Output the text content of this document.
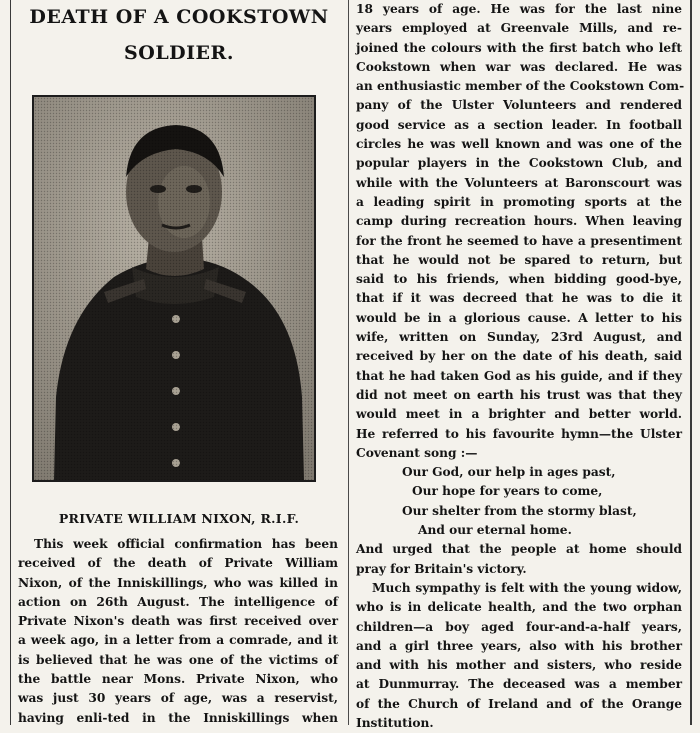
DEATH OF A COOKSTOWN
SOLDIER.
PRIVATE WILLIAM NIXON, R.I.F.
This week official confirmation has been
received of the death of Private William
Nixon, of the Inniskillings, who was killed in
action on 26th August. The intelligence of
Private Nixon's death was first received over
a week ago, in a letter from a comrade, and it
is believed that he was one of the victims of
the battle near Mons. Private Nixon, who
was just 30 years of age, was a reservist,
having enli-ted in the Inniskillings when
18 years of age. He was for the last nine
years employed at Greenvale Mills, and re-
joined the colours with the first batch who left
Cookstown when war was declared. He was
an enthusiastic member of the Cookstown Com-
pany of the Ulster Volunteers and rendered
good service as a section leader. In football
circles he was well known and was one of the
popular players in the Cookstown Club, and
while with the Volunteers at Baronscourt was
a leading spirit in promoting sports at the
camp during recreation hours. When leaving
for the front he seemed to have a presentiment
that he would not be spared to return, but
said to his friends, when bidding good-bye,
that if it was decreed that he was to die it
would be in a glorious cause. A letter to his
wife, written on Sunday, 23rd August, and
received by her on the date of his death, said
that he had taken God as his guide, and if they
did not meet on earth his trust was that they
would meet in a brighter and better world.
He referred to his favourite hymn—the Ulster
Covenant song :—
Our God, our help in ages past,
Our hope for years to come,
Our shelter from the stormy blast,
And our eternal home.
And urged that the people at home should
pray for Britain's victory.
Much sympathy is felt with the young widow,
who is in delicate health, and the two orphan
children—a boy aged four-and-a-half years,
and a girl three years, also with his brother
and with his mother and sisters, who reside
at Dunmurray. The deceased was a member
of the Church of Ireland and of the Orange
Institution.
